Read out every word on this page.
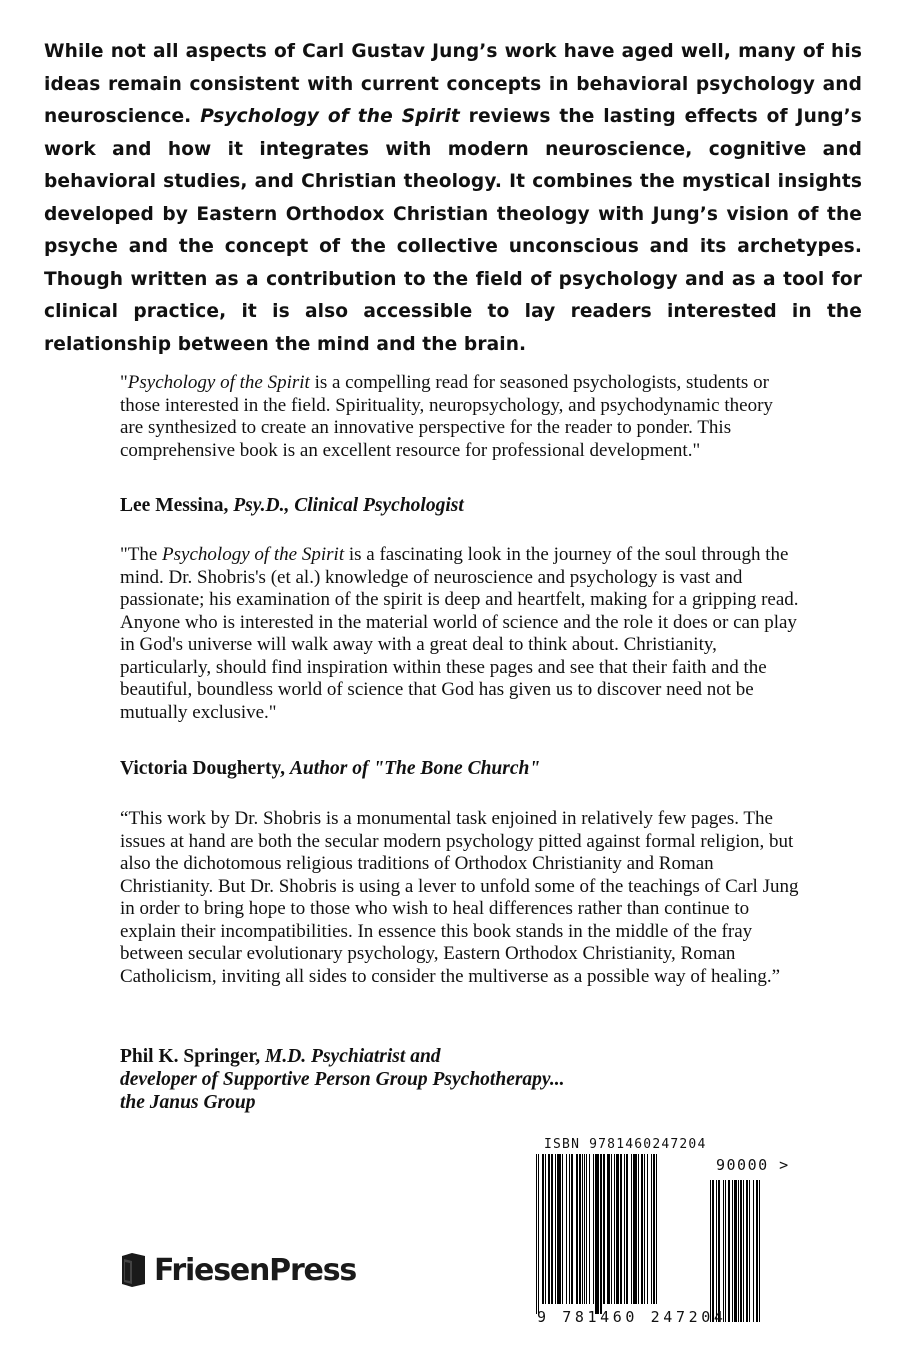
While not all aspects of Carl Gustav Jung’s work have aged well, many of his ideas remain consistent with current concepts in behavioral psychology and neuroscience. Psychology of the Spirit reviews the lasting effects of Jung’s work and how it integrates with modern neuroscience, cognitive and behavioral studies, and Christian theology. It combines the mystical insights developed by Eastern Orthodox Christian theology with Jung’s vision of the psyche and the concept of the collective unconscious and its archetypes. Though written as a contribution to the field of psychology and as a tool for clinical practice, it is also accessible to lay readers interested in the relationship between the mind and the brain.

"Psychology of the Spirit is a compelling read for seasoned psychologists, students or those interested in the field. Spirituality, neuropsychology, and psychodynamic theory are synthesized to create an innovative perspective for the reader to ponder. This comprehensive book is an excellent resource for professional development."

Lee Messina, Psy.D., Clinical Psychologist

"The Psychology of the Spirit is a fascinating look in the journey of the soul through the mind. Dr. Shobris's (et al.) knowledge of neuroscience and psychology is vast and passionate; his examination of the spirit is deep and heartfelt, making for a gripping read. Anyone who is interested in the material world of science and the role it does or can play in God's universe will walk away with a great deal to think about. Christianity, particularly, should find inspiration within these pages and see that their faith and the beautiful, boundless world of science that God has given us to discover need not be mutually exclusive."

Victoria Dougherty, Author of "The Bone Church"

“This work by Dr. Shobris is a monumental task enjoined in relatively few pages. The issues at hand are both the secular modern psychology pitted against formal religion, but also the dichotomous religious traditions of Orthodox Christianity and Roman Christianity. But Dr. Shobris is using a lever to unfold some of the teachings of Carl Jung in order to bring hope to those who wish to heal differences rather than continue to explain their incompatibilities. In essence this book stands in the middle of the fray between secular evolutionary psychology, Eastern Orthodox Christianity, Roman Catholicism, inviting all sides to consider the multiverse as a possible way of healing.”

Phil K. Springer, M.D. Psychiatrist and
developer of Supportive Person Group Psychotherapy...
the Janus Group

FriesenPress
ISBN 9781460247204
90000 >
9 781460 247204
